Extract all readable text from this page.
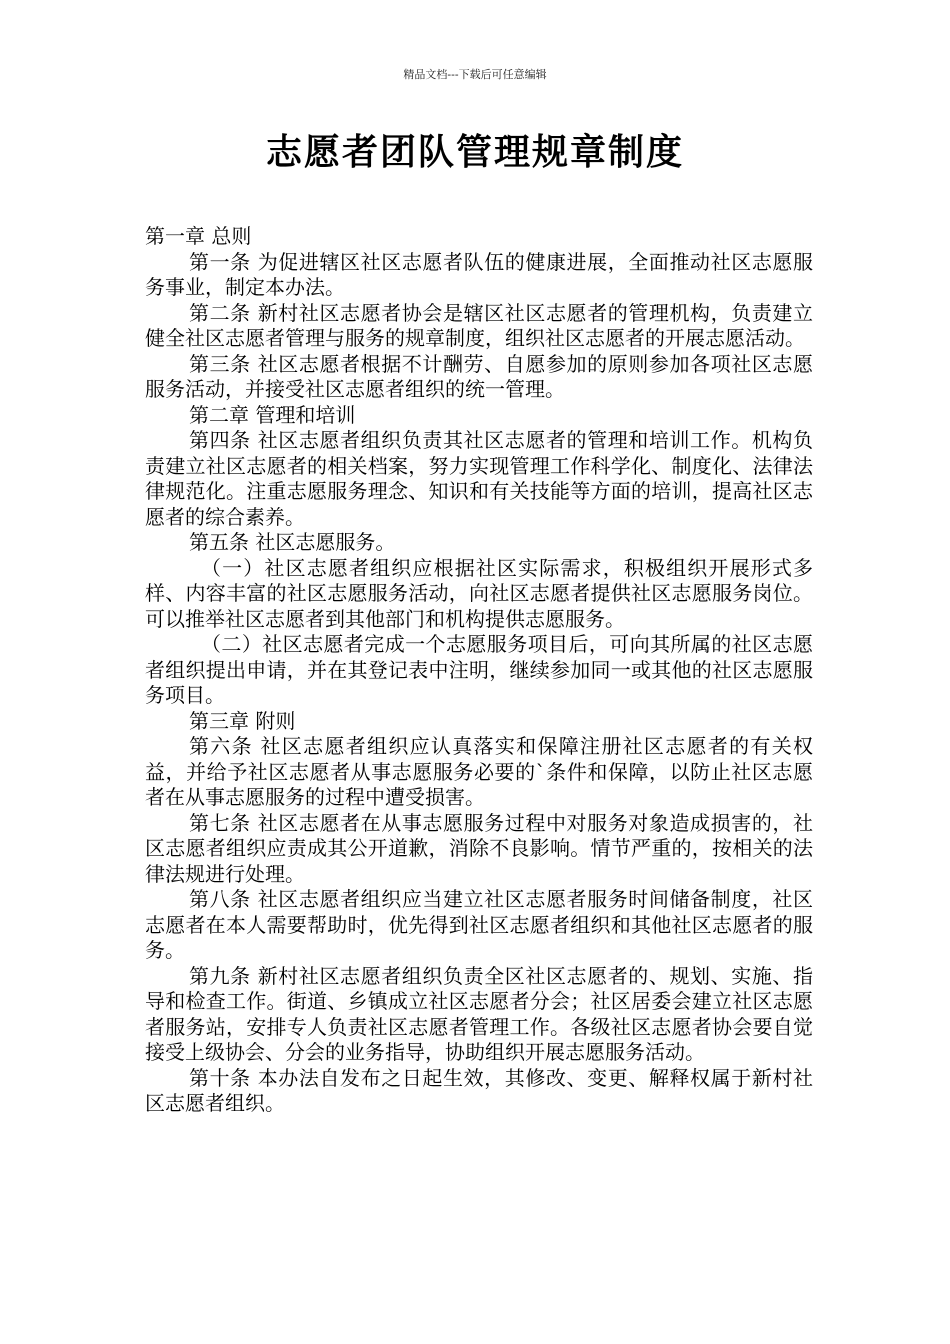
精品文档---下载后可任意编辑
志愿者团队管理规章制度

第一章 总则

第一条 为促进辖区社区志愿者队伍的健康进展，全面推动社区志愿服务事业，制定本办法。

第二条 新村社区志愿者协会是辖区社区志愿者的管理机构，负责建立健全社区志愿者管理与服务的规章制度，组织社区志愿者的开展志愿活动。

第三条 社区志愿者根据不计酬劳、自愿参加的原则参加各项社区志愿服务活动，并接受社区志愿者组织的统一管理。

第二章 管理和培训

第四条 社区志愿者组织负责其社区志愿者的管理和培训工作。机构负责建立社区志愿者的相关档案，努力实现管理工作科学化、制度化、法律法律规范化。注重志愿服务理念、知识和有关技能等方面的培训，提高社区志愿者的综合素养。

第五条 社区志愿服务。

（一）社区志愿者组织应根据社区实际需求，积极组织开展形式多样、内容丰富的社区志愿服务活动，向社区志愿者提供社区志愿服务岗位。可以推举社区志愿者到其他部门和机构提供志愿服务。

（二）社区志愿者完成一个志愿服务项目后，可向其所属的社区志愿者组织提出申请，并在其登记表中注明，继续参加同一或其他的社区志愿服务项目。

第三章 附则

第六条 社区志愿者组织应认真落实和保障注册社区志愿者的有关权益，并给予社区志愿者从事志愿服务必要的`条件和保障，以防止社区志愿者在从事志愿服务的过程中遭受损害。

第七条 社区志愿者在从事志愿服务过程中对服务对象造成损害的，社区志愿者组织应责成其公开道歉，消除不良影响。情节严重的，按相关的法律法规进行处理。

第八条 社区志愿者组织应当建立社区志愿者服务时间储备制度，社区志愿者在本人需要帮助时，优先得到社区志愿者组织和其他社区志愿者的服务。

第九条 新村社区志愿者组织负责全区社区志愿者的、规划、实施、指导和检查工作。街道、乡镇成立社区志愿者分会；社区居委会建立社区志愿者服务站，安排专人负责社区志愿者管理工作。各级社区志愿者协会要自觉接受上级协会、分会的业务指导，协助组织开展志愿服务活动。

第十条 本办法自发布之日起生效，其修改、变更、解释权属于新村社区志愿者组织。
